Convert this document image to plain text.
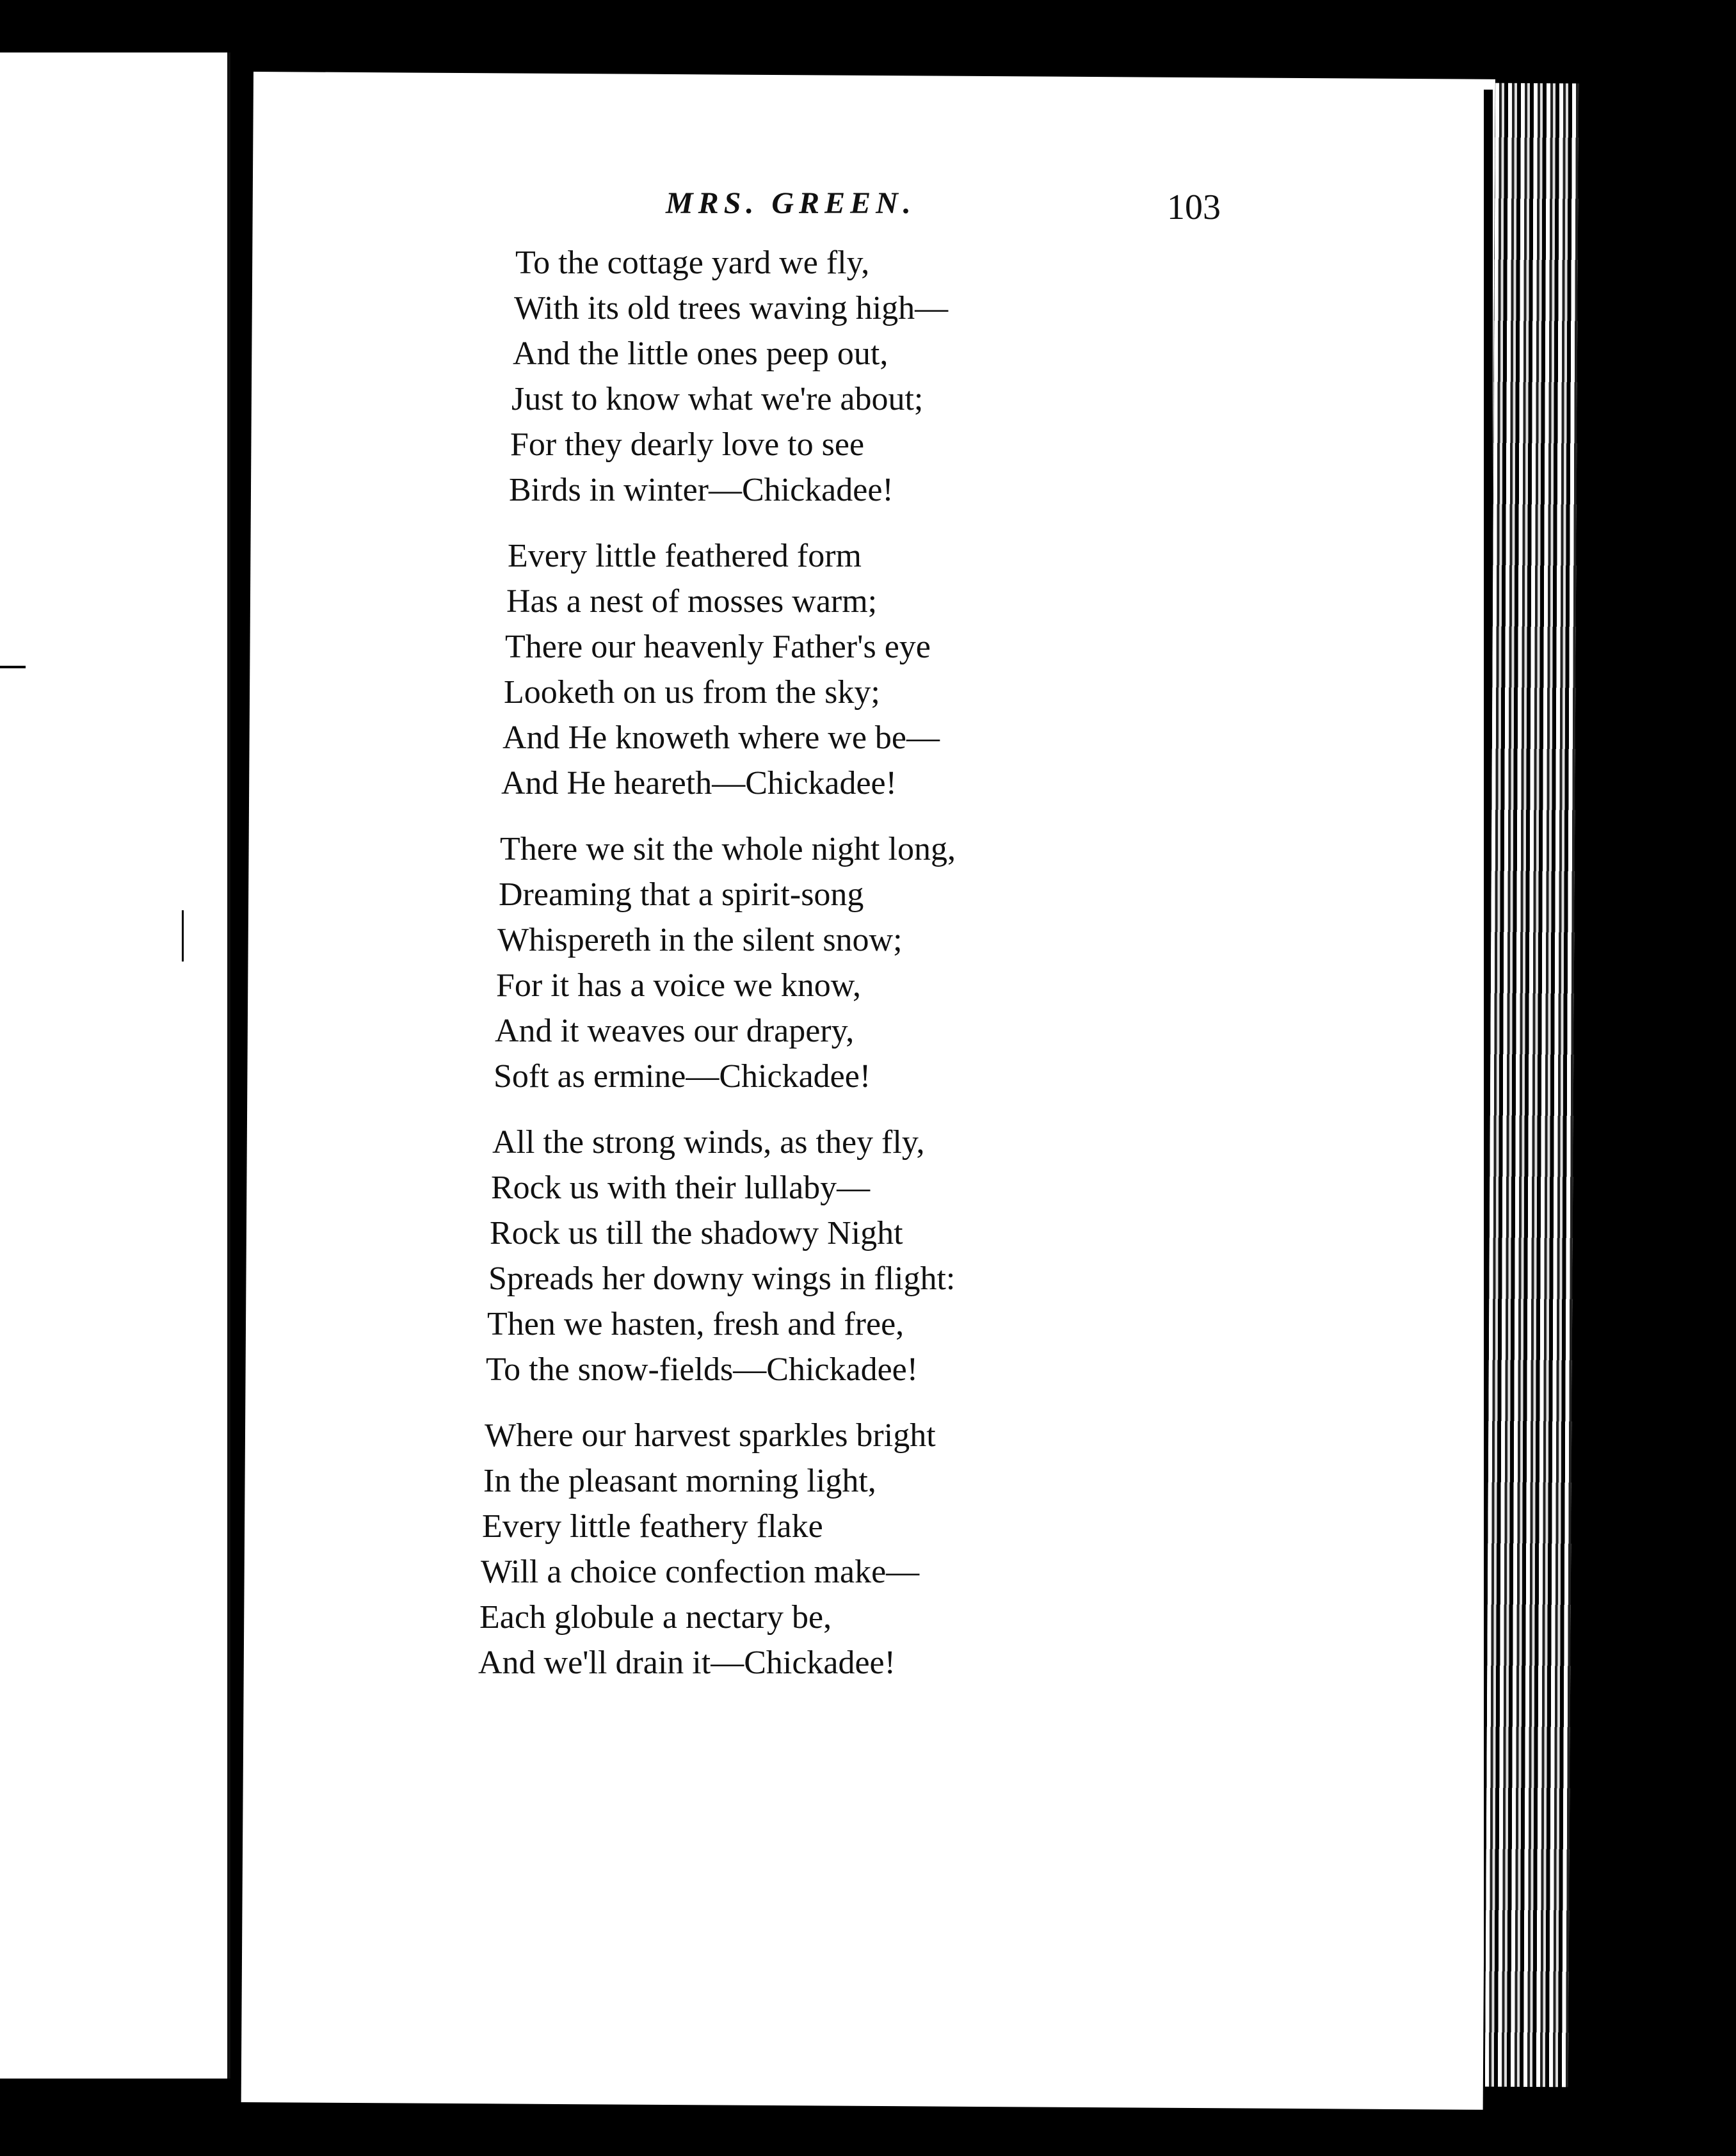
MRS. GREEN.	103
To the cottage yard we fly,
With its old trees waving high—
And the little ones peep out,
Just to know what we're about;
For they dearly love to see
Birds in winter—Chickadee!
Every little feathered form
Has a nest of mosses warm;
There our heavenly Father's eye
Looketh on us from the sky;
And He knoweth where we be—
And He heareth—Chickadee!
There we sit the whole night long,
Dreaming that a spirit-song
Whispereth in the silent snow;
For it has a voice we know,
And it weaves our drapery,
Soft as ermine—Chickadee!
All the strong winds, as they fly,
Rock us with their lullaby—
Rock us till the shadowy Night
Spreads her downy wings in flight:
Then we hasten, fresh and free,
To the snow-fields—Chickadee!
Where our harvest sparkles bright
In the pleasant morning light,
Every little feathery flake
Will a choice confection make—
Each globule a nectary be,
And we'll drain it—Chickadee!
